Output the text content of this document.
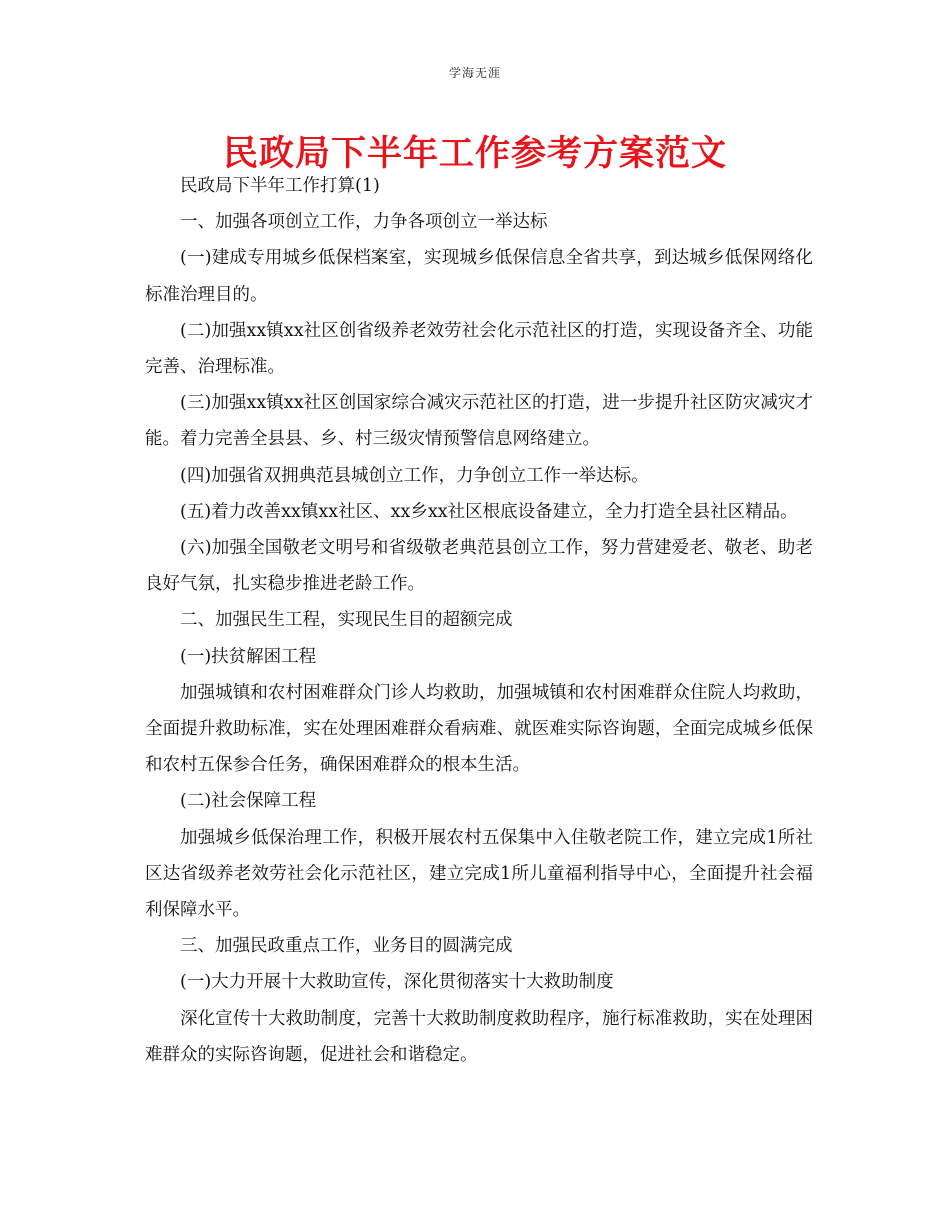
学海无涯
民政局下半年工作参考方案范文

民政局下半年工作打算(1)

一、加强各项创立工作，力争各项创立一举达标

(一)建成专用城乡低保档案室，实现城乡低保信息全省共享，到达城乡低保网络化标准治理目的。

(二)加强xx镇xx社区创省级养老效劳社会化示范社区的打造，实现设备齐全、功能完善、治理标准。

(三)加强xx镇xx社区创国家综合减灾示范社区的打造，进一步提升社区防灾减灾才能。着力完善全县县、乡、村三级灾情预警信息网络建立。

(四)加强省双拥典范县城创立工作，力争创立工作一举达标。

(五)着力改善xx镇xx社区、xx乡xx社区根底设备建立，全力打造全县社区精品。

(六)加强全国敬老文明号和省级敬老典范县创立工作，努力营建爱老、敬老、助老良好气氛，扎实稳步推进老龄工作。

二、加强民生工程，实现民生目的超额完成

(一)扶贫解困工程

加强城镇和农村困难群众门诊人均救助，加强城镇和农村困难群众住院人均救助，全面提升救助标准，实在处理困难群众看病难、就医难实际咨询题，全面完成城乡低保和农村五保参合任务，确保困难群众的根本生活。

(二)社会保障工程

加强城乡低保治理工作，积极开展农村五保集中入住敬老院工作，建立完成1所社区达省级养老效劳社会化示范社区，建立完成1所儿童福利指导中心，全面提升社会福利保障水平。

三、加强民政重点工作，业务目的圆满完成

(一)大力开展十大救助宣传，深化贯彻落实十大救助制度

深化宣传十大救助制度，完善十大救助制度救助程序，施行标准救助，实在处理困难群众的实际咨询题，促进社会和谐稳定。
